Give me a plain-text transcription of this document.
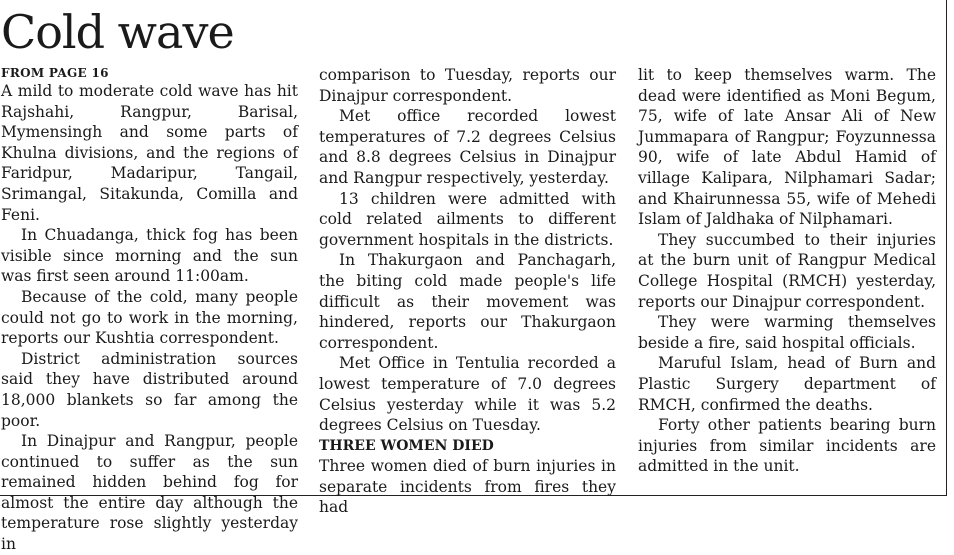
Cold wave

FROM PAGE 16

A mild to moderate cold wave has hit Rajshahi, Rangpur, Barisal, Mymensingh and some parts of Khulna divisions, and the regions of Faridpur, Madaripur, Tangail, Srimangal, Sitakunda, Comilla and Feni.

In Chuadanga, thick fog has been visible since morning and the sun was first seen around 11:00am.

Because of the cold, many people could not go to work in the morning, reports our Kushtia correspondent.

District administration sources said they have distributed around 18,000 blankets so far among the poor.

In Dinajpur and Rangpur, people continued to suffer as the sun remained hidden behind fog for almost the entire day although the temperature rose slightly yesterday in

comparison to Tuesday, reports our Dinajpur correspondent.

Met office recorded lowest temperatures of 7.2 degrees Celsius and 8.8 degrees Celsius in Dinajpur and Rangpur respectively, yesterday.

13 children were admitted with cold related ailments to different government hospitals in the districts.

In Thakurgaon and Panchagarh, the biting cold made people's life difficult as their movement was hindered, reports our Thakurgaon correspondent.

Met Office in Tentulia recorded a lowest temperature of 7.0 degrees Celsius yesterday while it was 5.2 degrees Celsius on Tuesday.

THREE WOMEN DIED

Three women died of burn injuries in separate incidents from fires they had

lit to keep themselves warm. The dead were identified as Moni Begum, 75, wife of late Ansar Ali of New Jummapara of Rangpur; Foyzunnessa 90, wife of late Abdul Hamid of village Kalipara, Nilphamari Sadar; and Khairunnessa 55, wife of Mehedi Islam of Jaldhaka of Nilphamari.

They succumbed to their injuries at the burn unit of Rangpur Medical College Hospital (RMCH) yesterday, reports our Dinajpur correspondent.

They were warming themselves beside a fire, said hospital officials.

Maruful Islam, head of Burn and Plastic Surgery department of RMCH, confirmed the deaths.

Forty other patients bearing burn injuries from similar incidents are admitted in the unit.
